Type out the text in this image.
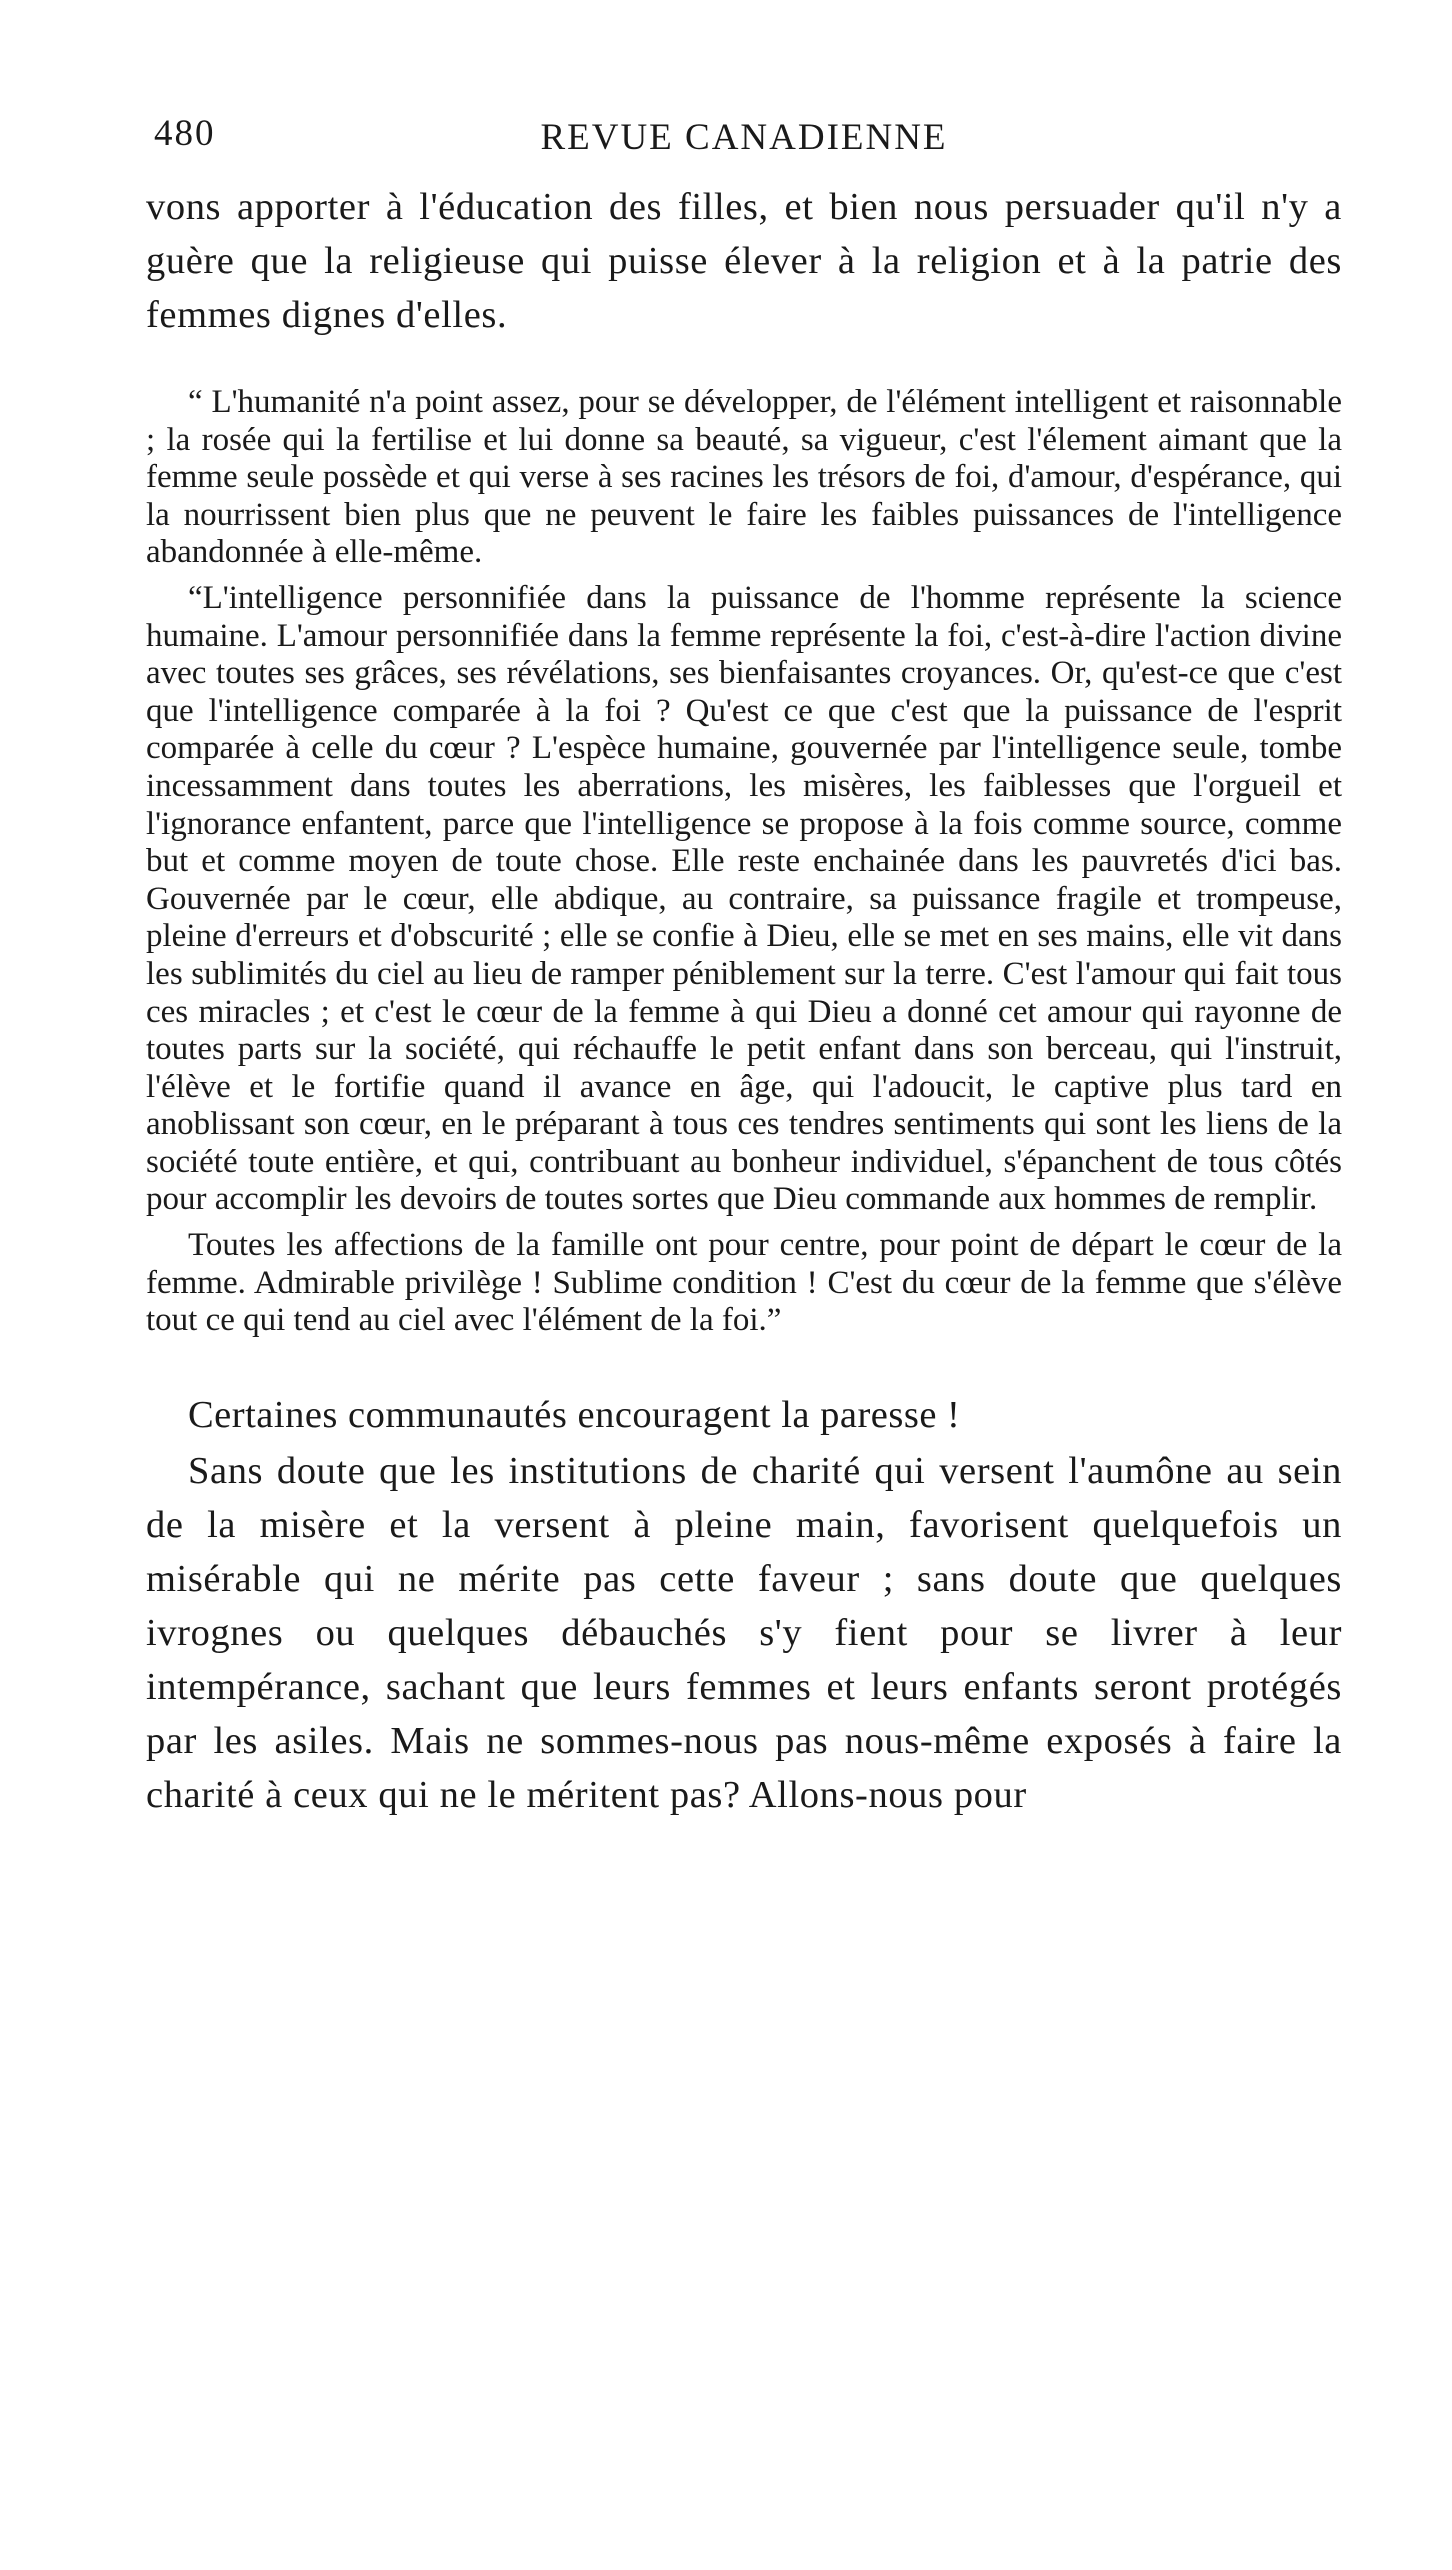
480	REVUE CANADIENNE

vons apporter à l'éducation des filles, et bien nous persuader qu'il n'y a guère que la religieuse qui puisse élever à la religion et à la patrie des femmes dignes d'elles.

“ L'humanité n'a point assez, pour se développer, de l'élément intelligent et raisonnable ; la rosée qui la fertilise et lui donne sa beauté, sa vigueur, c'est l'élement aimant que la femme seule possède et qui verse à ses racines les trésors de foi, d'amour, d'espérance, qui la nourrissent bien plus que ne peuvent le faire les faibles puissances de l'intelligence abandonnée à elle-même.

“L'intelligence personnifiée dans la puissance de l'homme représente la science humaine. L'amour personnifiée dans la femme représente la foi, c'est-à-dire l'action divine avec toutes ses grâces, ses révélations, ses bienfaisantes croyances. Or, qu'est-ce que c'est que l'intelligence comparée à la foi ? Qu'est ce que c'est que la puissance de l'esprit comparée à celle du cœur ? L'espèce humaine, gouvernée par l'intelligence seule, tombe incessamment dans toutes les aberrations, les misères, les faiblesses que l'orgueil et l'ignorance enfantent, parce que l'intelligence se propose à la fois comme source, comme but et comme moyen de toute chose. Elle reste enchainée dans les pauvretés d'ici bas. Gouvernée par le cœur, elle abdique, au contraire, sa puissance fragile et trompeuse, pleine d'erreurs et d'obscurité ; elle se confie à Dieu, elle se met en ses mains, elle vit dans les sublimités du ciel au lieu de ramper péniblement sur la terre. C'est l'amour qui fait tous ces miracles ; et c'est le cœur de la femme à qui Dieu a donné cet amour qui rayonne de toutes parts sur la société, qui réchauffe le petit enfant dans son berceau, qui l'instruit, l'élève et le fortifie quand il avance en âge, qui l'adoucit, le captive plus tard en anoblissant son cœur, en le préparant à tous ces tendres sentiments qui sont les liens de la société toute entière, et qui, contribuant au bonheur individuel, s'épanchent de tous côtés pour accomplir les devoirs de toutes sortes que Dieu commande aux hommes de remplir.

Toutes les affections de la famille ont pour centre, pour point de départ le cœur de la femme. Admirable privilège ! Sublime condition ! C'est du cœur de la femme que s'élève tout ce qui tend au ciel avec l'élément de la foi.”

Certaines communautés encouragent la paresse !

Sans doute que les institutions de charité qui versent l'aumône au sein de la misère et la versent à pleine main, favorisent quelquefois un misérable qui ne mérite pas cette faveur ; sans doute que quelques ivrognes ou quelques débauchés s'y fient pour se livrer à leur intempérance, sachant que leurs femmes et leurs enfants seront protégés par les asiles. Mais ne sommes-nous pas nous-même exposés à faire la charité à ceux qui ne le méritent pas? Allons-nous pour
